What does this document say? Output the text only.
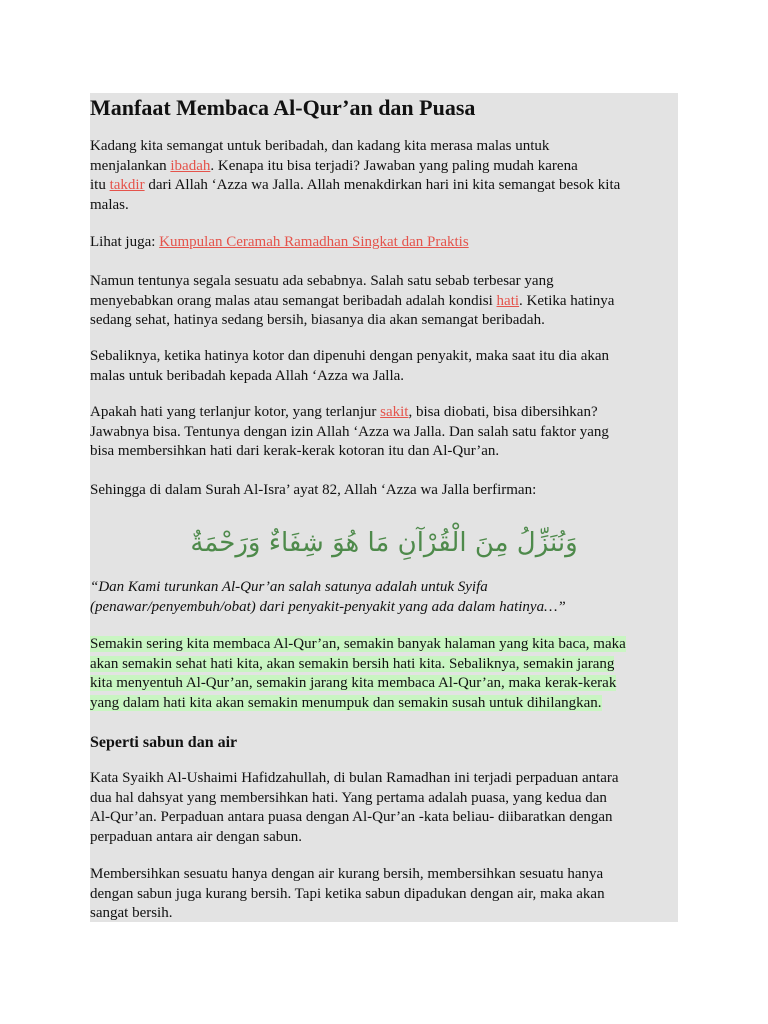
Manfaat Membaca Al-Qur’an dan Puasa

Kadang kita semangat untuk beribadah, dan kadang kita merasa malas untuk
menjalankan ibadah. Kenapa itu bisa terjadi? Jawaban yang paling mudah karena
itu takdir dari Allah ‘Azza wa Jalla. Allah menakdirkan hari ini kita semangat besok kita
malas.

Lihat juga: Kumpulan Ceramah Ramadhan Singkat dan Praktis

Namun tentunya segala sesuatu ada sebabnya. Salah satu sebab terbesar yang
menyebabkan orang malas atau semangat beribadah adalah kondisi hati. Ketika hatinya
sedang sehat, hatinya sedang bersih, biasanya dia akan semangat beribadah.

Sebaliknya, ketika hatinya kotor dan dipenuhi dengan penyakit, maka saat itu dia akan
malas untuk beribadah kepada Allah ‘Azza wa Jalla.

Apakah hati yang terlanjur kotor, yang terlanjur sakit, bisa diobati, bisa dibersihkan?
Jawabnya bisa. Tentunya dengan izin Allah ‘Azza wa Jalla. Dan salah satu faktor yang
bisa membersihkan hati dari kerak-kerak kotoran itu dan Al-Qur’an.

Sehingga di dalam Surah Al-Isra’ ayat 82, Allah ‘Azza wa Jalla berfirman:

وَنُنَزِّلُ مِنَ الْقُرْآنِ مَا هُوَ شِفَاءٌ وَرَحْمَةٌ

“Dan Kami turunkan Al-Qur’an salah satunya adalah untuk Syifa
(penawar/penyembuh/obat) dari penyakit-penyakit yang ada dalam hatinya…”

Semakin sering kita membaca Al-Qur’an, semakin banyak halaman yang kita baca, maka
akan semakin sehat hati kita, akan semakin bersih hati kita. Sebaliknya, semakin jarang
kita menyentuh Al-Qur’an, semakin jarang kita membaca Al-Qur’an, maka kerak-kerak
yang dalam hati kita akan semakin menumpuk dan semakin susah untuk dihilangkan.

Seperti sabun dan air

Kata Syaikh Al-Ushaimi Hafidzahullah, di bulan Ramadhan ini terjadi perpaduan antara
dua hal dahsyat yang membersihkan hati. Yang pertama adalah puasa, yang kedua dan
Al-Qur’an. Perpaduan antara puasa dengan Al-Qur’an -kata beliau- diibaratkan dengan
perpaduan antara air dengan sabun.

Membersihkan sesuatu hanya dengan air kurang bersih, membersihkan sesuatu hanya
dengan sabun juga kurang bersih. Tapi ketika sabun dipadukan dengan air, maka akan
sangat bersih.
